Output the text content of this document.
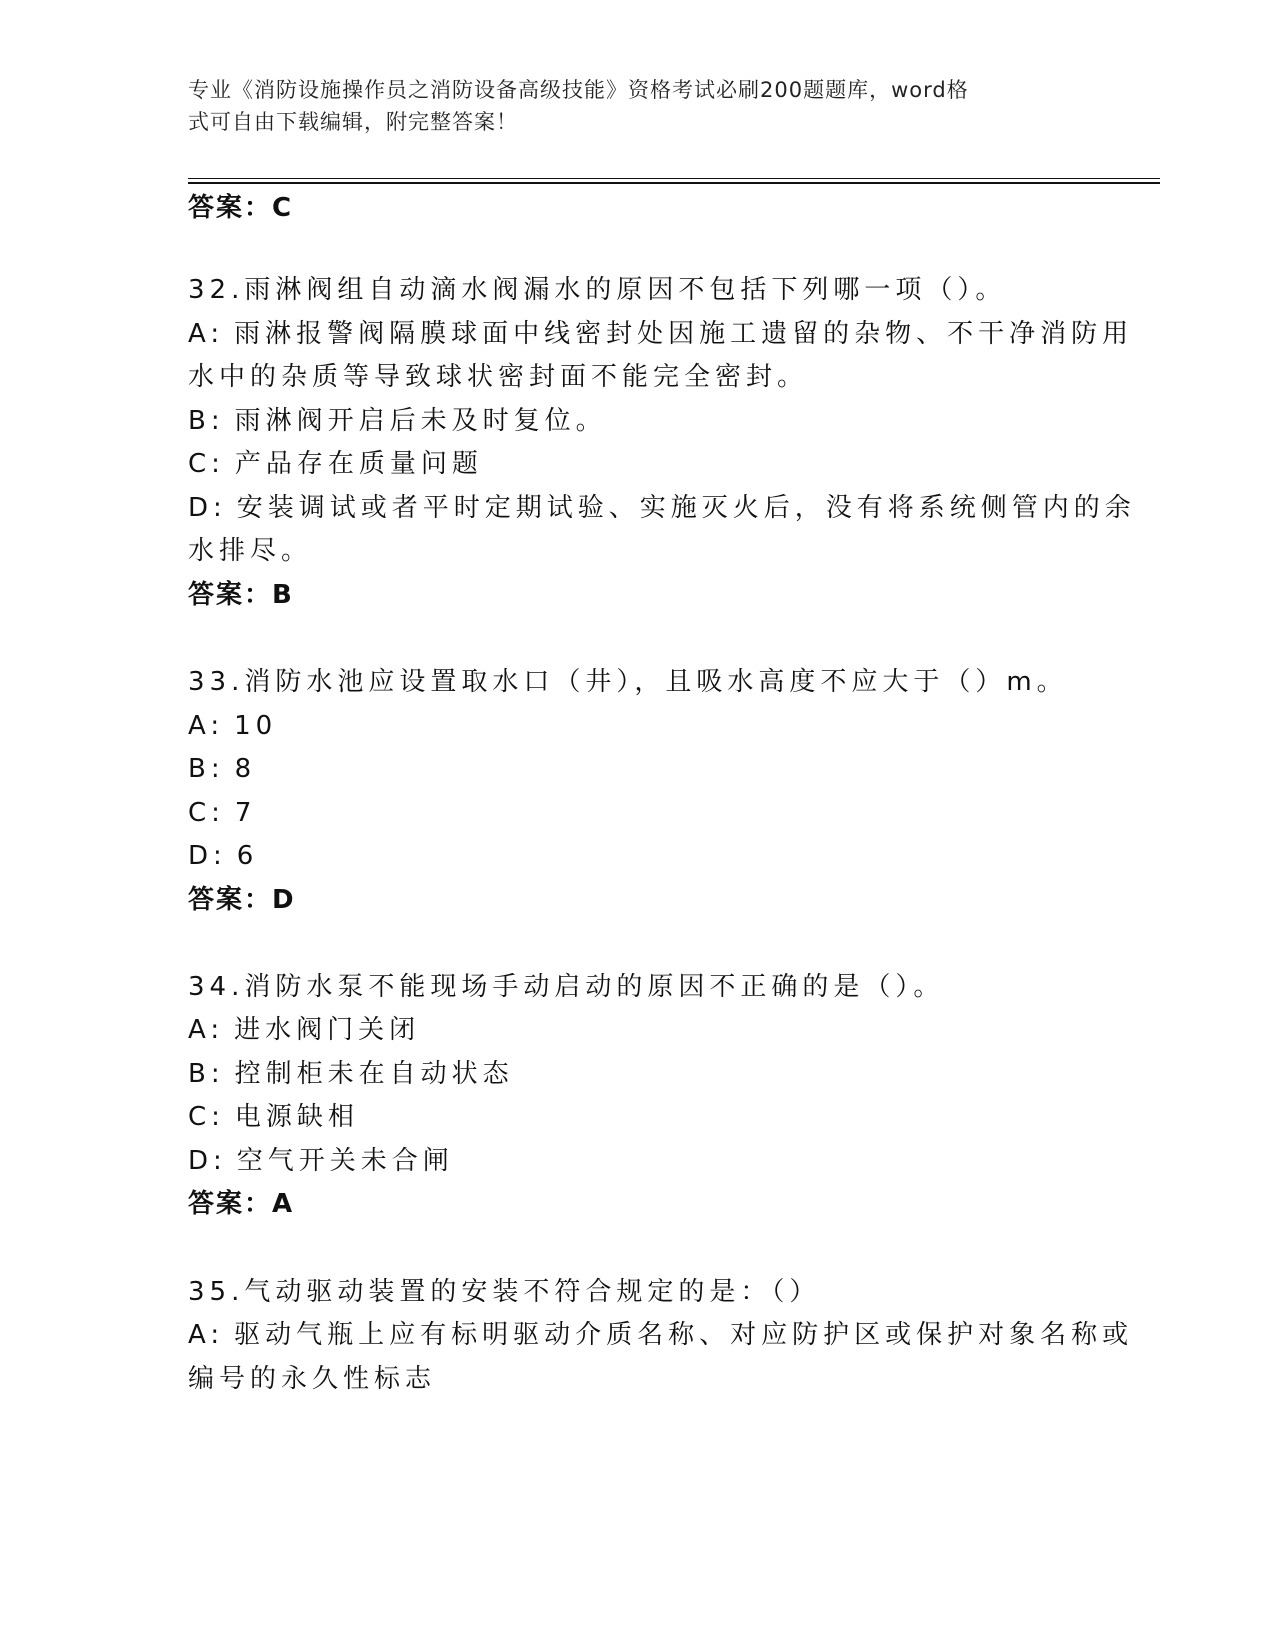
专业《消防设施操作员之消防设备高级技能》资格考试必刷200题题库，word格
式可自由下载编辑，附完整答案！
答案：C
32.雨淋阀组自动滴水阀漏水的原因不包括下列哪一项（）。
A: 雨淋报警阀隔膜球面中线密封处因施工遗留的杂物、不干净消防用
水中的杂质等导致球状密封面不能完全密封。
B: 雨淋阀开启后未及时复位。
C: 产品存在质量问题
D: 安装调试或者平时定期试验、实施灭火后，没有将系统侧管内的余
水排尽。
答案：B
33.消防水池应设置取水口（井），且吸水高度不应大于（）m。
A: 10
B: 8
C: 7
D: 6
答案：D
34.消防水泵不能现场手动启动的原因不正确的是（）。
A: 进水阀门关闭
B: 控制柜未在自动状态
C: 电源缺相
D: 空气开关未合闸
答案：A
35.气动驱动装置的安装不符合规定的是：（）
A: 驱动气瓶上应有标明驱动介质名称、对应防护区或保护对象名称或
编号的永久性标志
